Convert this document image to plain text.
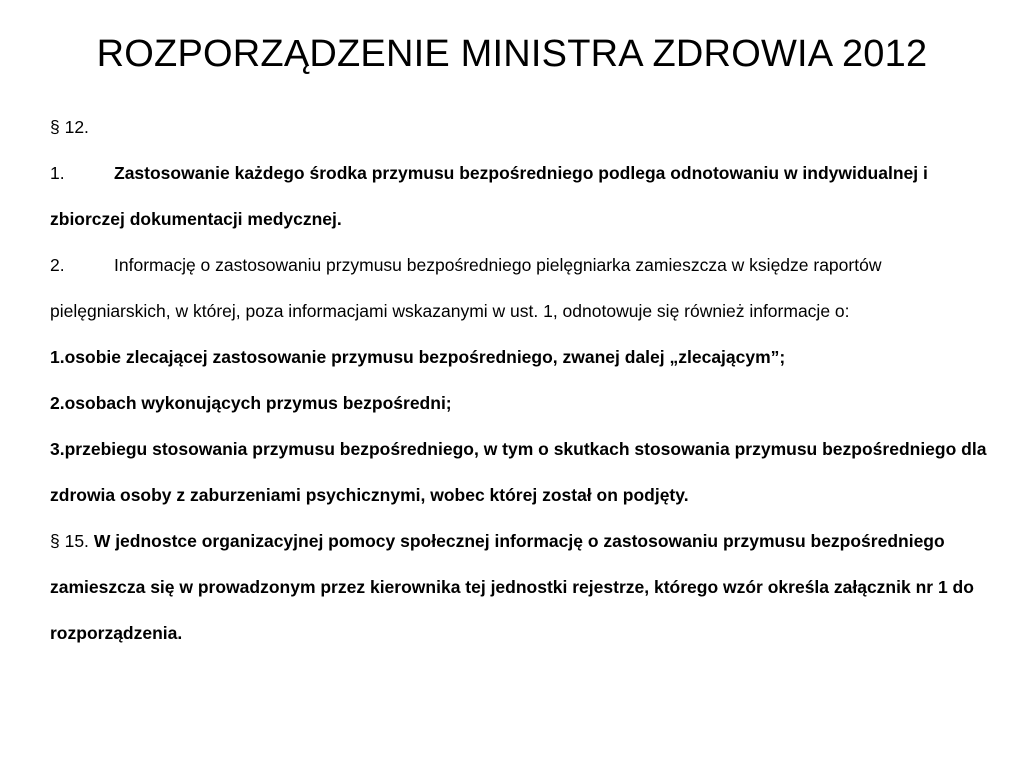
ROZPORZĄDZENIE MINISTRA ZDROWIA 2012

§ 12.

1.	Zastosowanie każdego środka przymusu bezpośredniego podlega odnotowaniu w indywidualnej i zbiorczej dokumentacji medycznej.

2.	Informację o zastosowaniu przymusu bezpośredniego pielęgniarka zamieszcza w księdze raportów pielęgniarskich, w której, poza informacjami wskazanymi w ust. 1, odnotowuje się również informacje o:

1.osobie zlecającej zastosowanie przymusu bezpośredniego, zwanej dalej „zlecającym”;

2.osobach wykonujących przymus bezpośredni;

3.przebiegu stosowania przymusu bezpośredniego, w tym o skutkach stosowania przymusu bezpośredniego dla zdrowia osoby z zaburzeniami psychicznymi, wobec której został on podjęty.

§ 15. W jednostce organizacyjnej pomocy społecznej informację o zastosowaniu przymusu bezpośredniego zamieszcza się w prowadzonym przez kierownika tej jednostki rejestrze, którego wzór określa załącznik nr 1 do rozporządzenia.
